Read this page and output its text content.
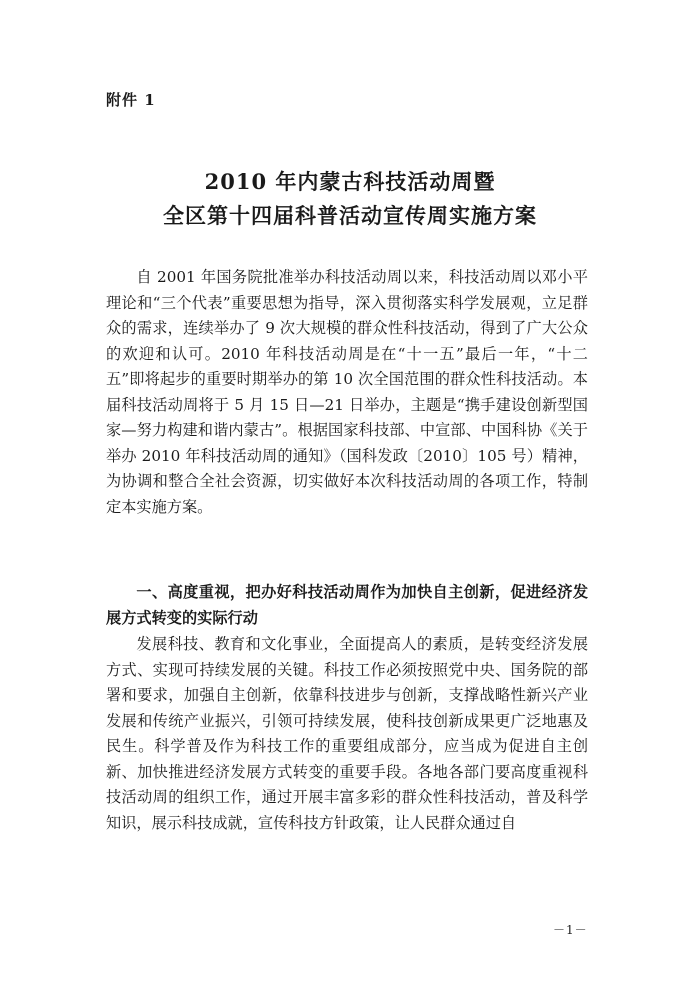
附件 1
2010 年内蒙古科技活动周暨
全区第十四届科普活动宣传周实施方案

自 2001 年国务院批准举办科技活动周以来，科技活动周以邓小平理论和“三个代表”重要思想为指导，深入贯彻落实科学发展观，立足群众的需求，连续举办了 9 次大规模的群众性科技活动，得到了广大公众的欢迎和认可。2010 年科技活动周是在“十一五”最后一年，“十二五”即将起步的重要时期举办的第 10 次全国范围的群众性科技活动。本届科技活动周将于 5 月 15 日—21 日举办，主题是“携手建设创新型国家—努力构建和谐内蒙古”。根据国家科技部、中宣部、中国科协《关于举办 2010 年科技活动周的通知》（国科发政〔2010〕105 号）精神，为协调和整合全社会资源，切实做好本次科技活动周的各项工作，特制定本实施方案。

一、高度重视，把办好科技活动周作为加快自主创新，促进经济发展方式转变的实际行动

发展科技、教育和文化事业，全面提高人的素质，是转变经济发展方式、实现可持续发展的关键。科技工作必须按照党中央、国务院的部署和要求，加强自主创新，依靠科技进步与创新，支撑战略性新兴产业发展和传统产业振兴，引领可持续发展，使科技创新成果更广泛地惠及民生。科学普及作为科技工作的重要组成部分，应当成为促进自主创新、加快推进经济发展方式转变的重要手段。各地各部门要高度重视科技活动周的组织工作，通过开展丰富多彩的群众性科技活动，普及科学知识，展示科技成就，宣传科技方针政策，让人民群众通过自

－1－
